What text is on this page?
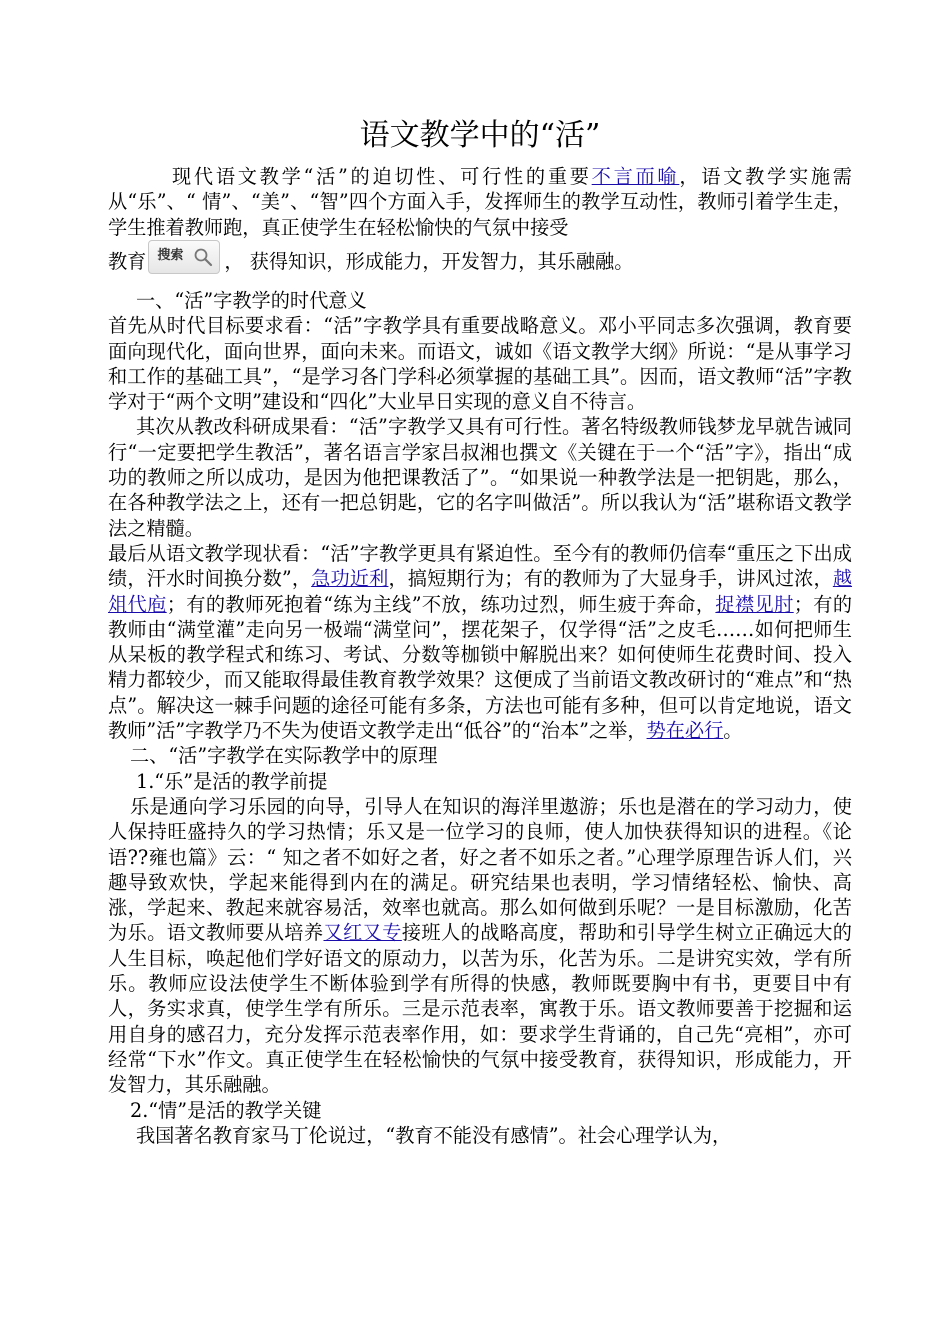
语文教学中的“活”

现代语文教学“活”的迫切性、可行性的重要不言而喻，语文教学实施需从“乐”、“ 情”、“美”、“智”四个方面入手，发挥师生的教学互动性，教师引着学生走，学生推着教师跑，真正使学生在轻松愉快的气氛中接受

教育 搜索 ， 获得知识，形成能力，开发智力，其乐融融。

一、“活”字教学的时代意义

首先从时代目标要求看：“活”字教学具有重要战略意义。邓小平同志多次强调，教育要面向现代化，面向世界，面向未来。而语文，诚如《语文教学大纲》所说：“是从事学习和工作的基础工具”，“是学习各门学科必须掌握的基础工具”。因而，语文教师“活”字教学对于“两个文明”建设和“四化”大业早日实现的意义自不待言。

其次从教改科研成果看：“活”字教学又具有可行性。著名特级教师钱梦龙早就告诫同行“一定要把学生教活”，著名语言学家吕叔湘也撰文《关键在于一个“活”字》，指出“成功的教师之所以成功，是因为他把课教活了”。“如果说一种教学法是一把钥匙，那么，在各种教学法之上，还有一把总钥匙，它的名字叫做活”。所以我认为“活”堪称语文教学法之精髓。

最后从语文教学现状看：“活”字教学更具有紧迫性。至今有的教师仍信奉“重压之下出成绩，汗水时间换分数”，急功近利，搞短期行为；有的教师为了大显身手，讲风过浓，越俎代庖；有的教师死抱着“练为主线”不放，练功过烈，师生疲于奔命，捉襟见肘；有的教师由“满堂灌”走向另一极端“满堂问”，摆花架子，仅学得“活”之皮毛……如何把师生从呆板的教学程式和练习、考试、分数等枷锁中解脱出来？如何使师生花费时间、投入精力都较少，而又能取得最佳教育教学效果？这便成了当前语文教改研讨的“难点”和“热点”。解决这一棘手问题的途径可能有多条，方法也可能有多种，但可以肯定地说，语文教师”活”字教学乃不失为使语文教学走出“低谷”的“治本”之举，势在必行。

二、“活”字教学在实际教学中的原理

1.“乐”是活的教学前提

乐是通向学习乐园的向导，引导人在知识的海洋里遨游；乐也是潜在的学习动力，使人保持旺盛持久的学习热情；乐又是一位学习的良师，使人加快获得知识的进程。《论语??雍也篇》云：“ 知之者不如好之者，好之者不如乐之者。”心理学原理告诉人们，兴趣导致欢快，学起来能得到内在的满足。研究结果也表明，学习情绪轻松、愉快、高涨，学起来、教起来就容易活，效率也就高。那么如何做到乐呢？一是目标激励，化苦为乐。语文教师要从培养又红又专接班人的战略高度，帮助和引导学生树立正确远大的人生目标，唤起他们学好语文的原动力，以苦为乐，化苦为乐。二是讲究实效，学有所乐。教师应设法使学生不断体验到学有所得的快感，教师既要胸中有书，更要目中有人，务实求真，使学生学有所乐。三是示范表率，寓教于乐。语文教师要善于挖掘和运用自身的感召力，充分发挥示范表率作用，如：要求学生背诵的，自己先“亮相”，亦可经常“下水”作文。真正使学生在轻松愉快的气氛中接受教育，获得知识，形成能力，开发智力，其乐融融。

2.“情”是活的教学关键

我国著名教育家马丁伦说过，“教育不能没有感情”。社会心理学认为，
